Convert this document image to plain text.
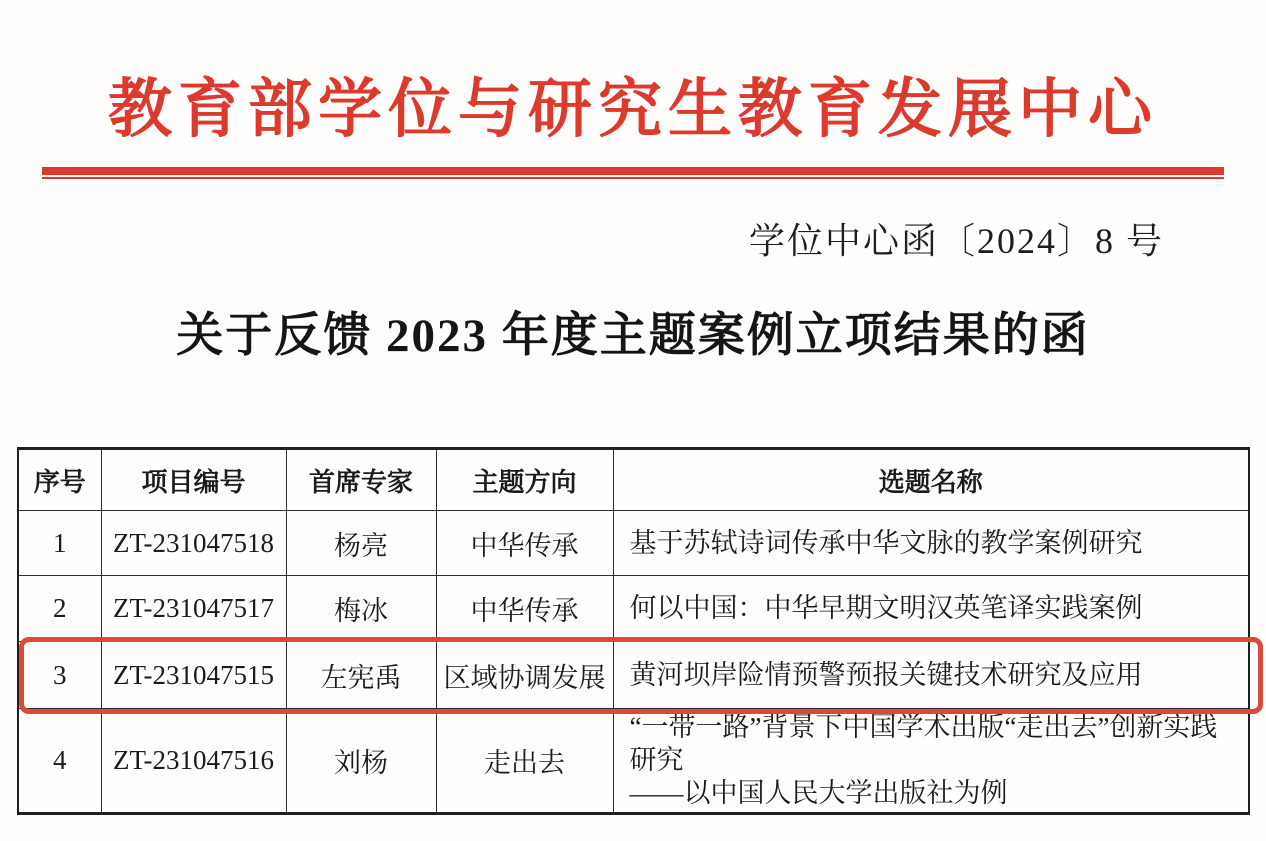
教育部学位与研究生教育发展中心
学位中心函〔2024〕8 号
关于反馈 2023 年度主题案例立项结果的函
序号	项目编号	首席专家	主题方向	选题名称
1	ZT-231047518	杨亮	中华传承	基于苏轼诗词传承中华文脉的教学案例研究

2	ZT-231047517	梅冰	中华传承	何以中国：中华早期文明汉英笔译实践案例

3	ZT-231047515	左宪禹	区域协调发展	黄河坝岸险情预警预报关键技术研究及应用

4	ZT-231047516	刘杨	走出去	“一带一路”背景下中国学术出版“走出去”创新实践研究
——以中国人民大学出版社为例
